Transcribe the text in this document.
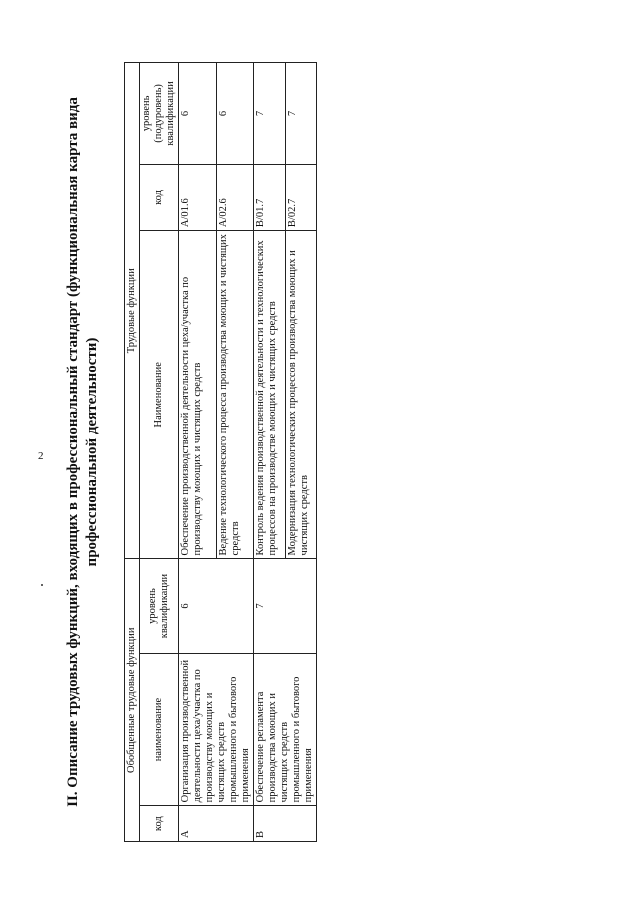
2 II. Описание трудовых функций, входящих в профессиональный стандарт (функциональная карта вида профессиональной деятельности)
Обобщенные трудовые функции			Трудовые функции		
код	наименование	уровень квалификации	Наименование	код	уровень (подуровень) квалификации
А	Организация производственной деятельности цеха/участка по производству моющих и чистящих средств промышленного и бытового применения	6	Обеспечение производственной деятельности цеха/участка по производству моющих и чистящих средств	А/01.6	6
			Ведение технологического процесса производства моющих и чистящих средств	А/02.6	6
В	Обеспечение регламента производства моющих и чистящих средств промышленного и бытового применения	7	Контроль ведения производственной деятельности и технологических процессов на производстве моющих и чистящих средств	В/01.7	7
			Модернизация технологических процессов производства моющих и чистящих средств	В/02.7	7
